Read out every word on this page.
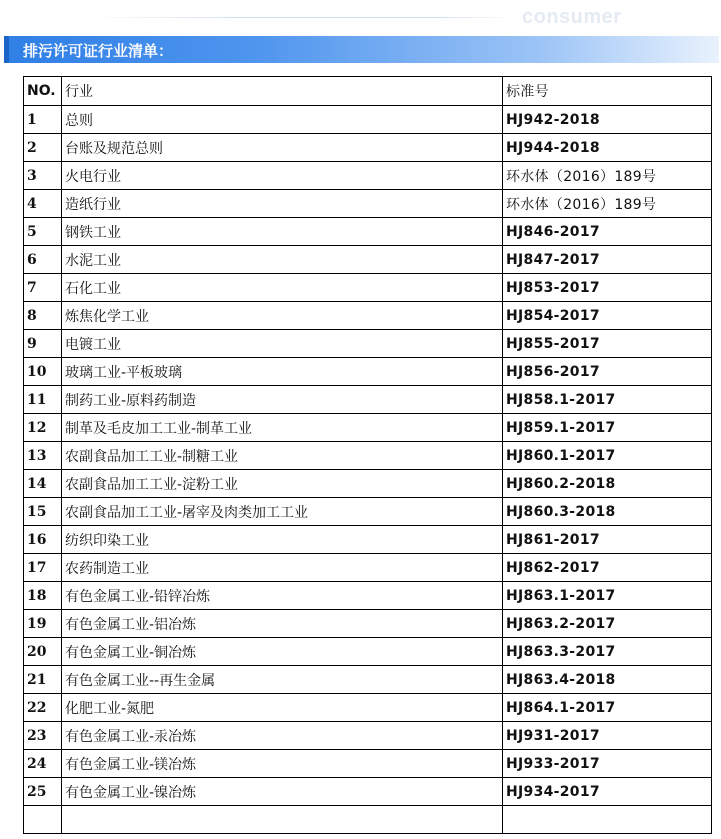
consumer
排污许可证行业清单：
NO.	行业	标准号
1	总则	HJ942-2018
2	台账及规范总则	HJ944-2018
3	火电行业	环水体（2016）189号
4	造纸行业	环水体（2016）189号
5	钢铁工业	HJ846-2017
6	水泥工业	HJ847-2017
7	石化工业	HJ853-2017
8	炼焦化学工业	HJ854-2017
9	电镀工业	HJ855-2017
10	玻璃工业-平板玻璃	HJ856-2017
11	制药工业-原料药制造	HJ858.1-2017
12	制革及毛皮加工工业-制革工业	HJ859.1-2017
13	农副食品加工工业-制糖工业	HJ860.1-2017
14	农副食品加工工业-淀粉工业	HJ860.2-2018
15	农副食品加工工业-屠宰及肉类加工工业	HJ860.3-2018
16	纺织印染工业	HJ861-2017
17	农药制造工业	HJ862-2017
18	有色金属工业-铅锌冶炼	HJ863.1-2017
19	有色金属工业-铝冶炼	HJ863.2-2017
20	有色金属工业-铜冶炼	HJ863.3-2017
21	有色金属工业--再生金属	HJ863.4-2018
22	化肥工业-氮肥	HJ864.1-2017
23	有色金属工业-汞冶炼	HJ931-2017
24	有色金属工业-镁冶炼	HJ933-2017
25	有色金属工业-镍冶炼	HJ934-2017
